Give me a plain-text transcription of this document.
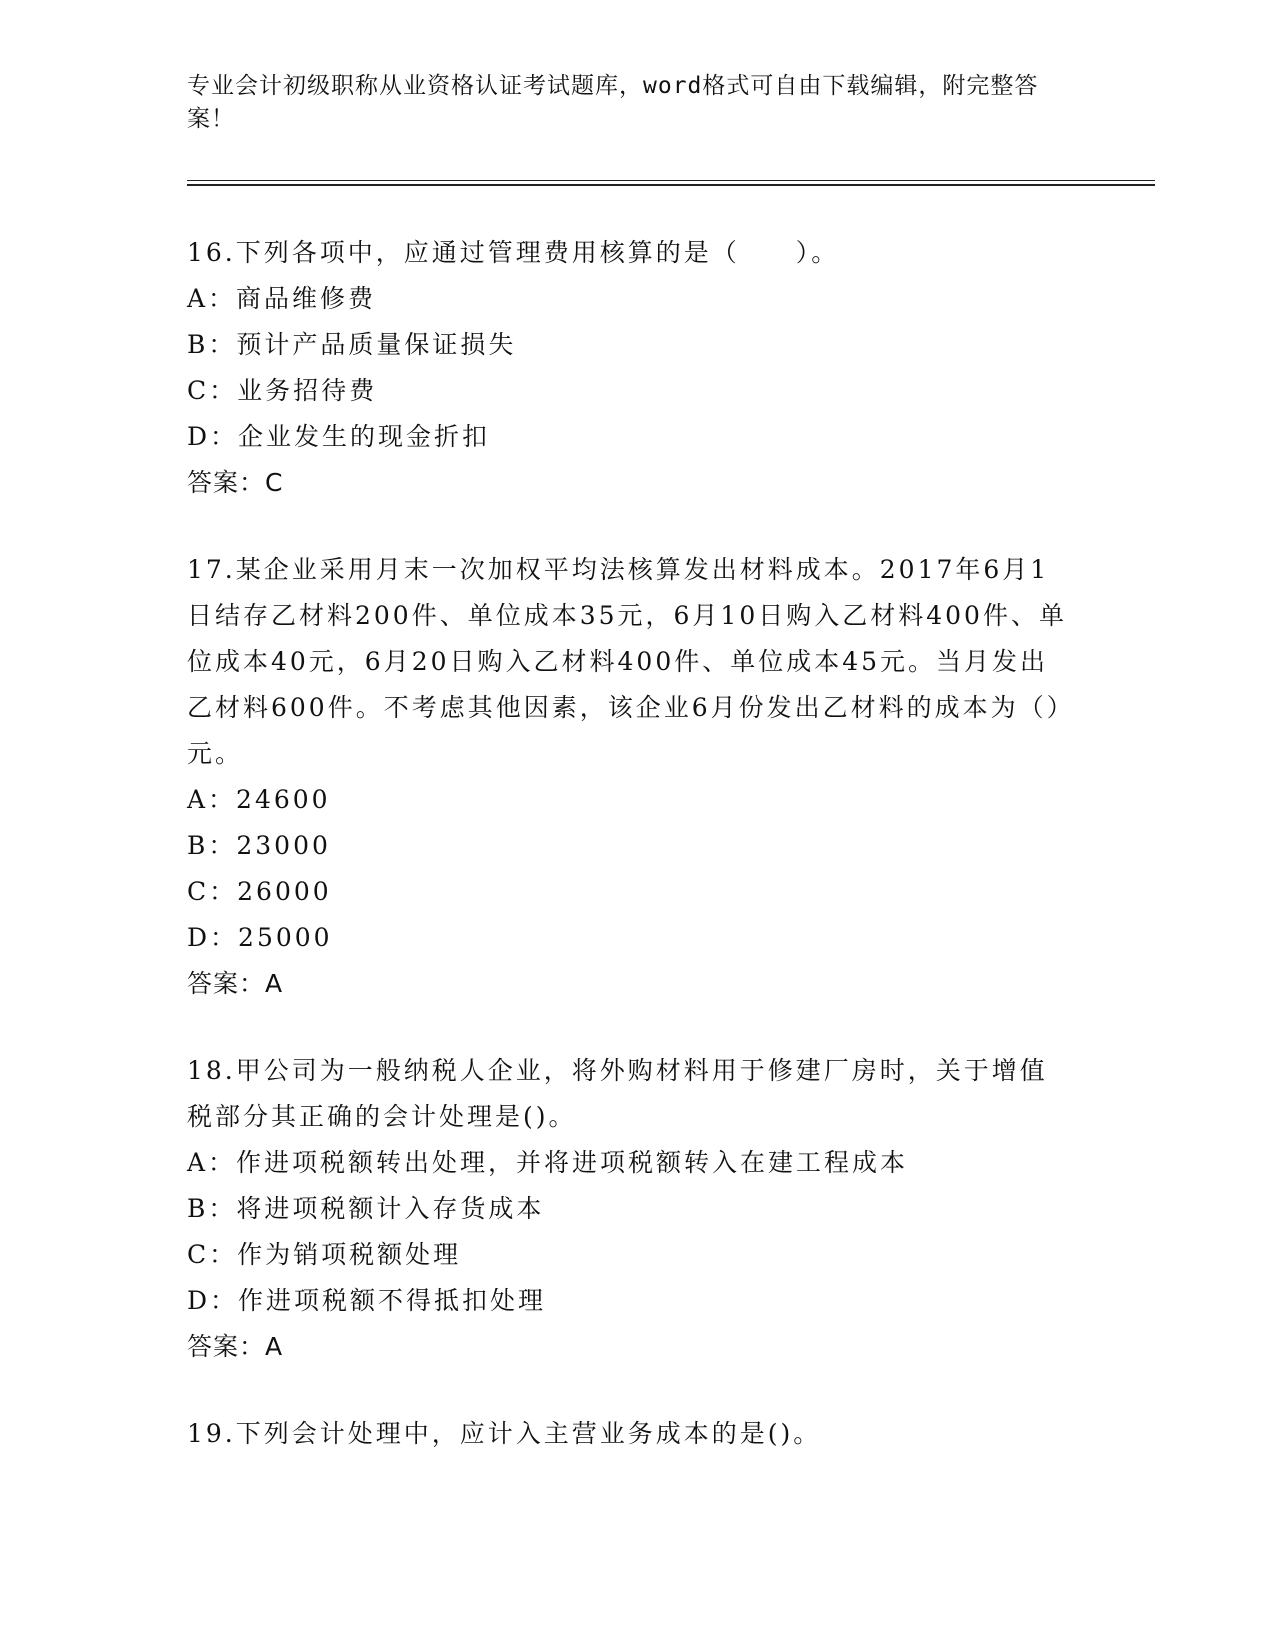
专业会计初级职称从业资格认证考试题库，word格式可自由下载编辑，附完整答案！

16.下列各项中，应通过管理费用核算的是（　　）。

A：商品维修费

B：预计产品质量保证损失

C：业务招待费

D：企业发生的现金折扣

答案：C

17.某企业采用月末一次加权平均法核算发出材料成本。2017年6月1日结存乙材料200件、单位成本35元，6月10日购入乙材料400件、单位成本40元，6月20日购入乙材料400件、单位成本45元。当月发出乙材料600件。不考虑其他因素，该企业6月份发出乙材料的成本为（）元。

A：24600

B：23000

C：26000

D：25000

答案：A

18.甲公司为一般纳税人企业，将外购材料用于修建厂房时，关于增值税部分其正确的会计处理是()。

A：作进项税额转出处理，并将进项税额转入在建工程成本

B：将进项税额计入存货成本

C：作为销项税额处理

D：作进项税额不得抵扣处理

答案：A

19.下列会计处理中，应计入主营业务成本的是()。
